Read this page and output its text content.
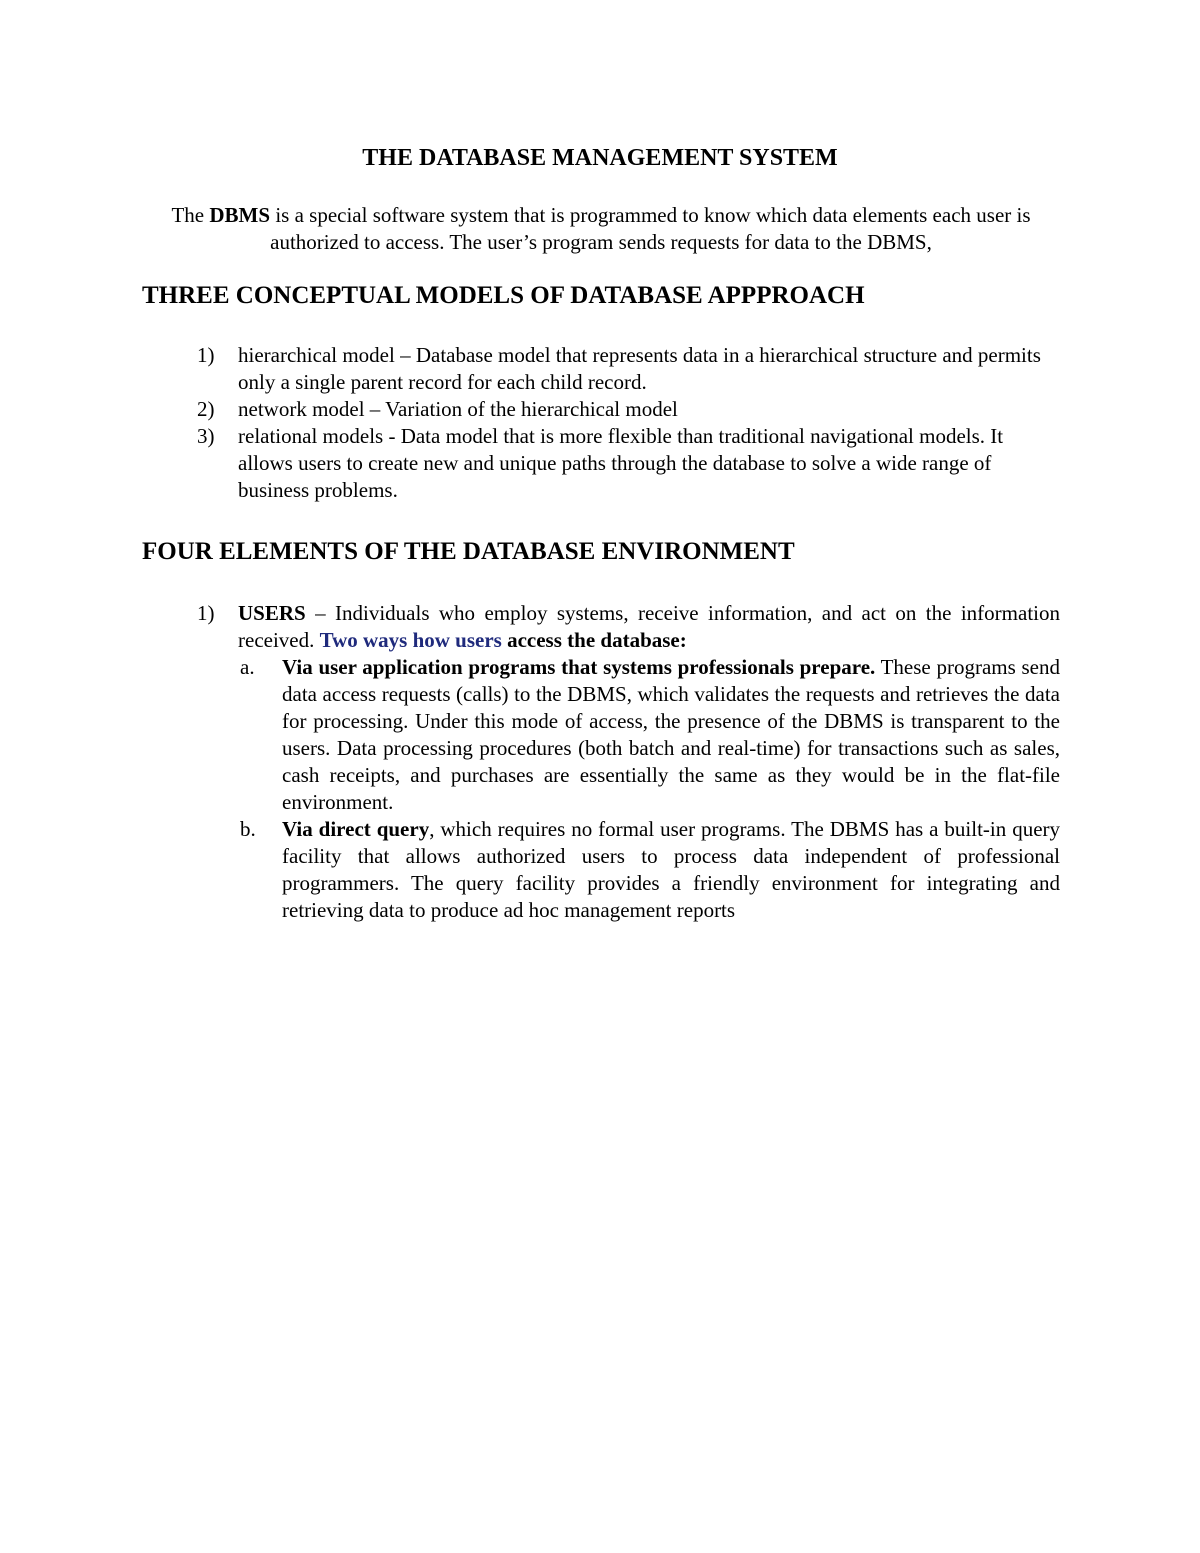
THE DATABASE MANAGEMENT SYSTEM

The DBMS is a special software system that is programmed to know which data elements each user is authorized to access. The user’s program sends requests for data to the DBMS,

THREE CONCEPTUAL MODELS OF DATABASE APPPROACH
1) hierarchical model – Database model that represents data in a hierarchical structure and permits only a single parent record for each child record.
2) network model – Variation of the hierarchical model
3) relational models - Data model that is more flexible than traditional navigational models. It allows users to create new and unique paths through the database to solve a wide range of business problems.
FOUR ELEMENTS OF THE DATABASE ENVIRONMENT
1) USERS – Individuals who employ systems, receive information, and act on the information received. Two ways how users access the database:
a. Via user application programs that systems professionals prepare. These programs send data access requests (calls) to the DBMS, which validates the requests and retrieves the data for processing. Under this mode of access, the presence of the DBMS is transparent to the users. Data processing procedures (both batch and real-time) for transactions such as sales, cash receipts, and purchases are essentially the same as they would be in the flat-file environment.
b. Via direct query, which requires no formal user programs. The DBMS has a built-in query facility that allows authorized users to process data independent of professional programmers. The query facility provides a friendly environment for integrating and retrieving data to produce ad hoc management reports
